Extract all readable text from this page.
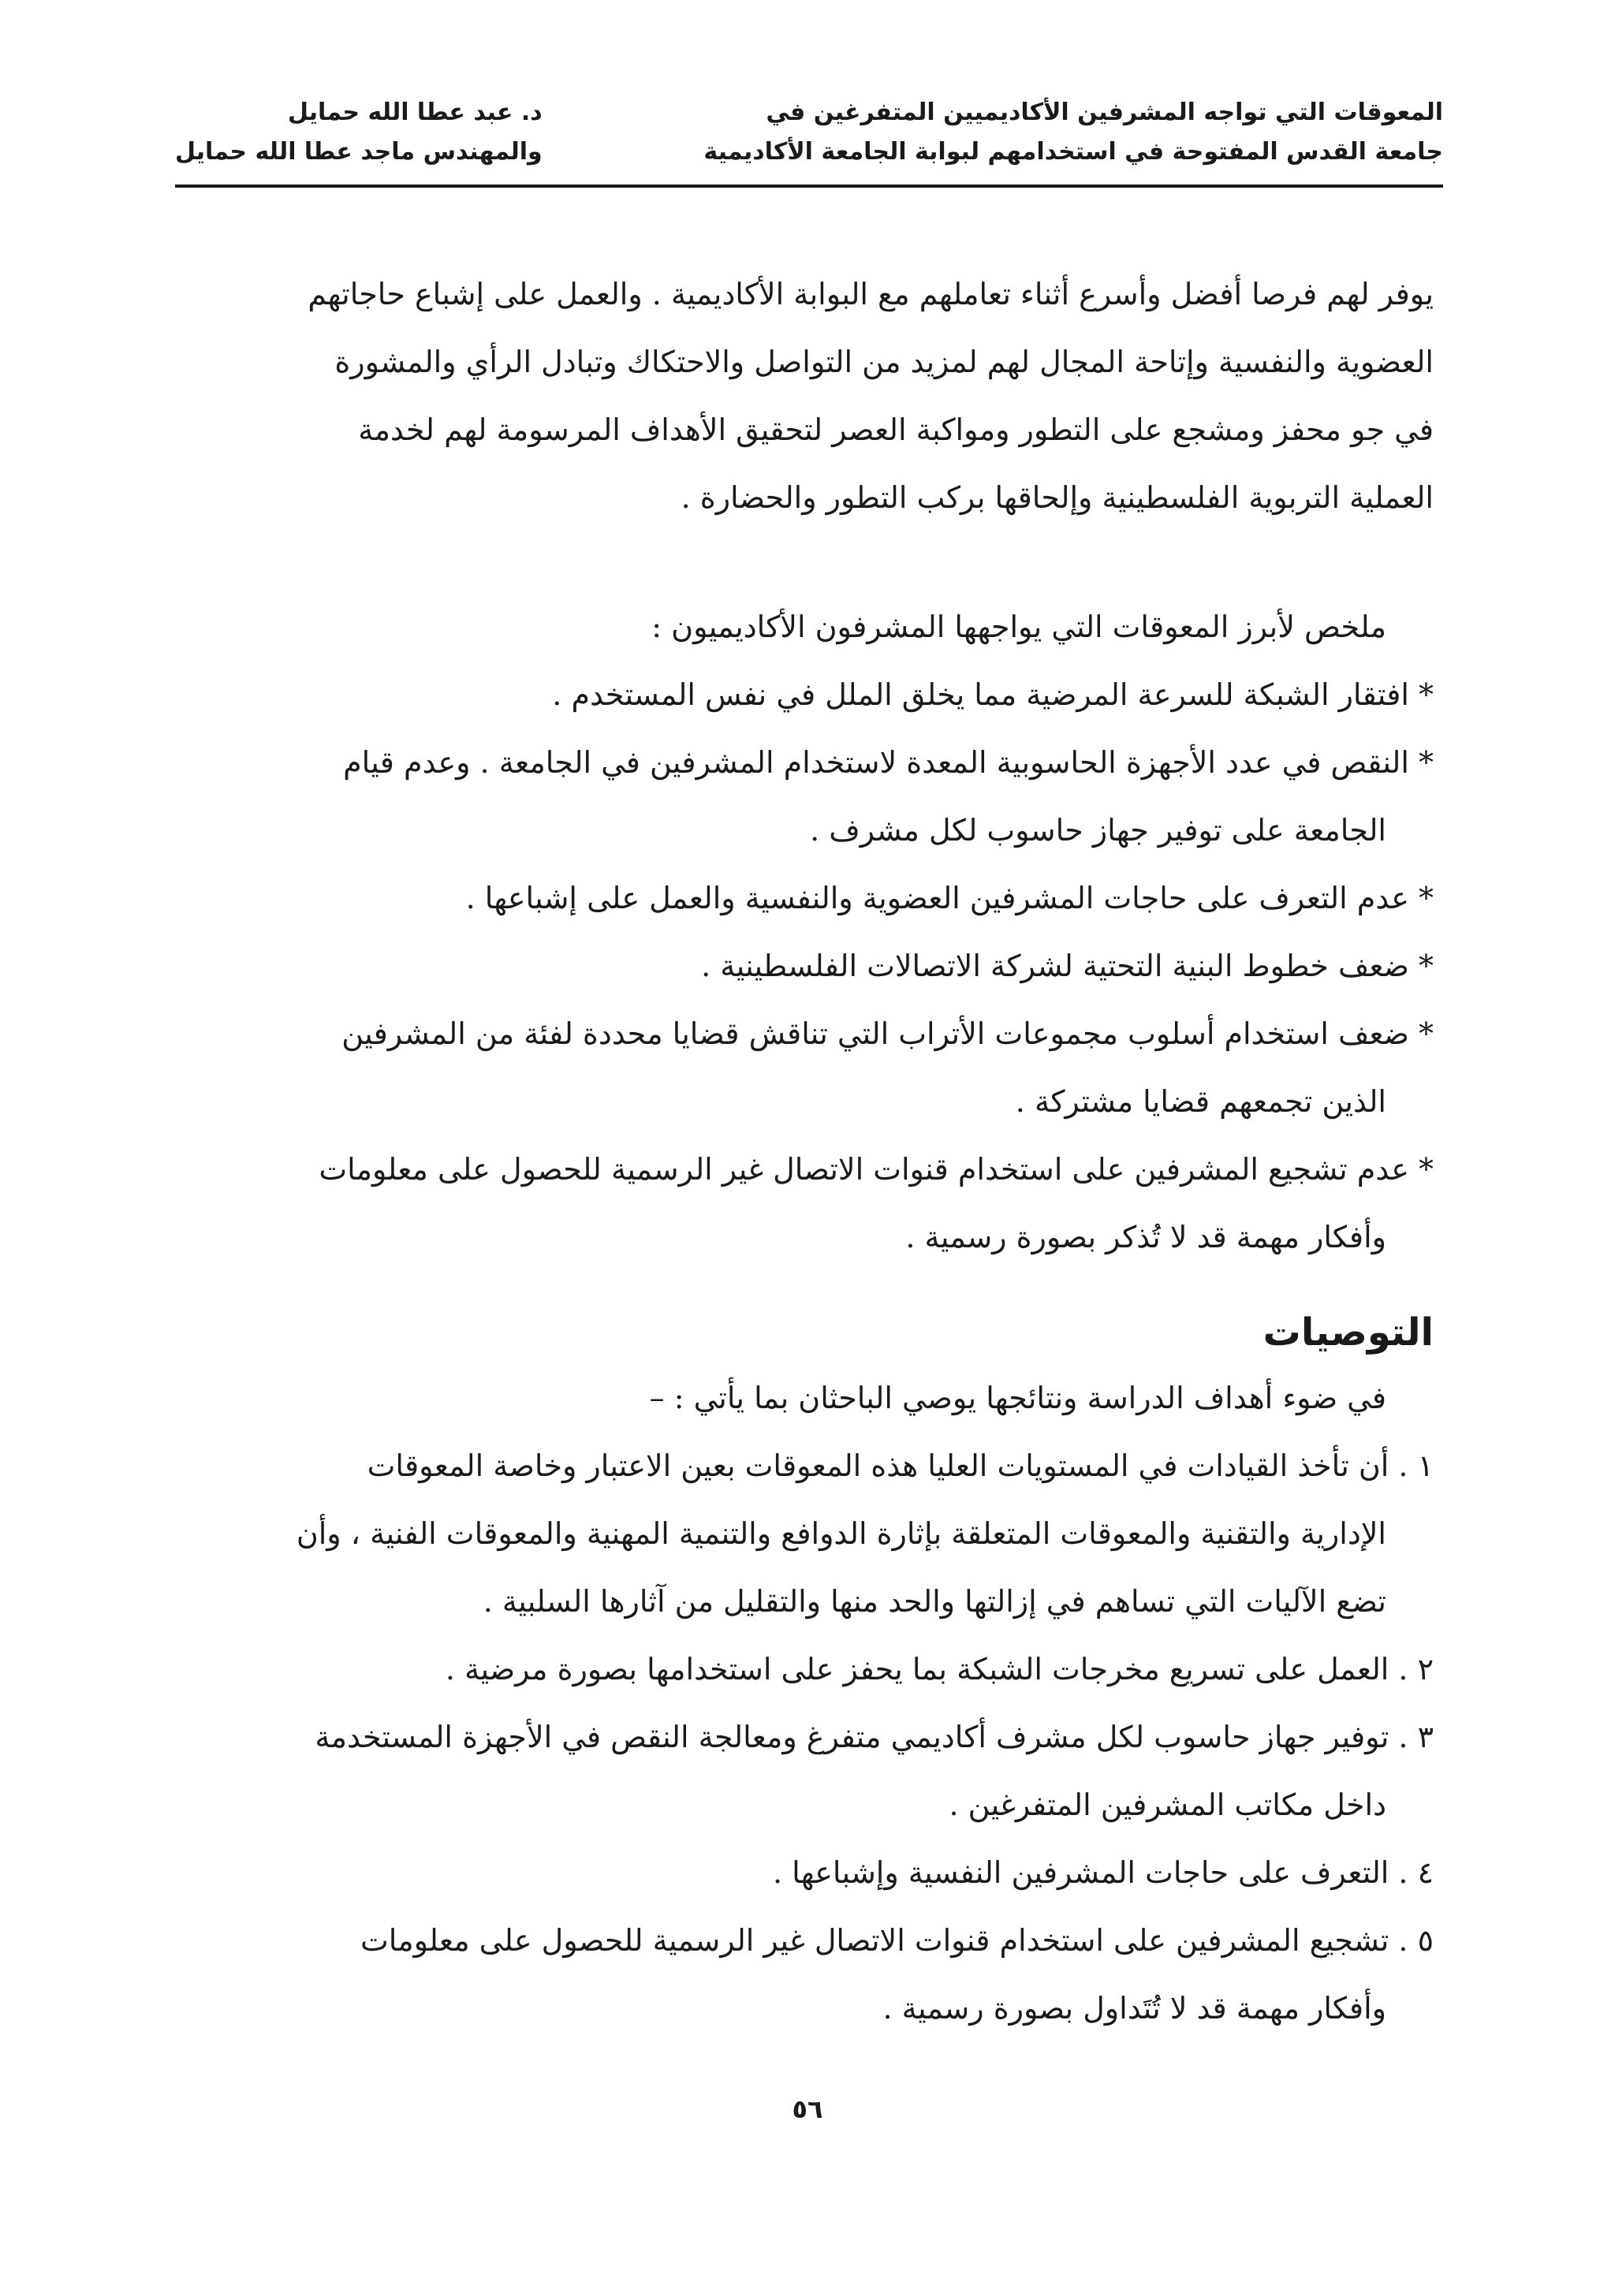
المعوقات التي تواجه المشرفين الأكاديميين المتفرغين في
جامعة القدس المفتوحة في استخدامهم لبوابة الجامعة الأكاديمية
د. عبد عطا الله حمايل
والمهندس ماجد عطا الله حمايل
يوفر لهم فرصا أفضل وأسرع أثناء تعاملهم مع البوابة الأكاديمية . والعمل على إشباع حاجاتهم
العضوية والنفسية وإتاحة المجال لهم لمزيد من التواصل والاحتكاك وتبادل الرأي والمشورة
في جو محفز ومشجع على التطور ومواكبة العصر لتحقيق الأهداف المرسومة لهم لخدمة
العملية التربوية الفلسطينية وإلحاقها بركب التطور والحضارة .
ملخص لأبرز المعوقات التي يواجهها المشرفون الأكاديميون :
* افتقار الشبكة للسرعة المرضية مما يخلق الملل في نفس المستخدم .
* النقص في عدد الأجهزة الحاسوبية المعدة لاستخدام المشرفين في الجامعة . وعدم قيام
الجامعة على توفير جهاز حاسوب لكل مشرف .
* عدم التعرف على حاجات المشرفين العضوية والنفسية والعمل على إشباعها .
* ضعف خطوط البنية التحتية لشركة الاتصالات الفلسطينية .
* ضعف استخدام أسلوب مجموعات الأتراب التي تناقش قضايا محددة لفئة من المشرفين
الذين تجمعهم قضايا مشتركة .
* عدم تشجيع المشرفين على استخدام قنوات الاتصال غير الرسمية للحصول على معلومات
وأفكار مهمة قد لا تُذكر بصورة رسمية .
التوصيات
في ضوء أهداف الدراسة ونتائجها يوصي الباحثان بما يأتي : –
١ . أن تأخذ القيادات في المستويات العليا هذه المعوقات بعين الاعتبار وخاصة المعوقات
الإدارية والتقنية والمعوقات المتعلقة بإثارة الدوافع والتنمية المهنية والمعوقات الفنية ، وأن
تضع الآليات التي تساهم في إزالتها والحد منها والتقليل من آثارها السلبية .
٢ . العمل على تسريع مخرجات الشبكة بما يحفز على استخدامها بصورة مرضية .
٣ . توفير جهاز حاسوب لكل مشرف أكاديمي متفرغ ومعالجة النقص في الأجهزة المستخدمة
داخل مكاتب المشرفين المتفرغين .
٤ . التعرف على حاجات المشرفين النفسية وإشباعها .
٥ . تشجيع المشرفين على استخدام قنوات الاتصال غير الرسمية للحصول على معلومات
وأفكار مهمة قد لا تُتَداول بصورة رسمية .
٥٦
